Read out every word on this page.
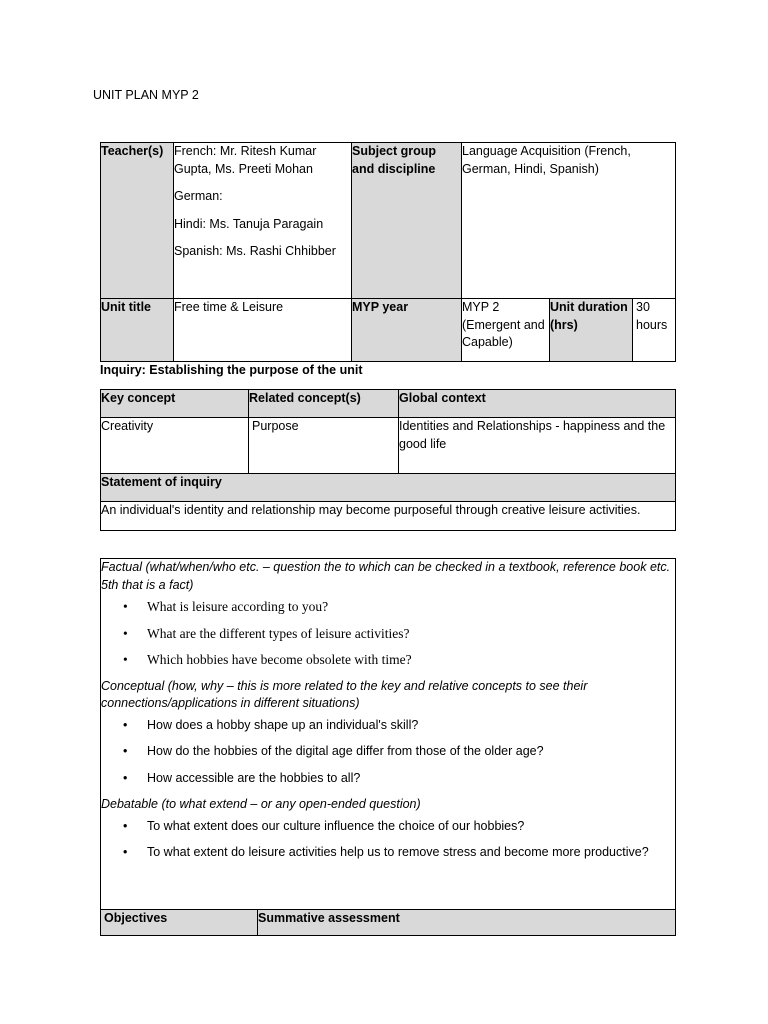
UNIT PLAN MYP 2
Teacher(s)	French: Mr. Ritesh Kumar Gupta, Ms. Preeti Mohan

German:

Hindi: Ms. Tanuja Paragain

Spanish: Ms. Rashi Chhibber	Subject group and discipline	Language Acquisition (French, German, Hindi, Spanish)		
Unit title	Free time & Leisure	MYP year	MYP 2 (Emergent and Capable)	Unit duration (hrs)	30 hours
Inquiry: Establishing the purpose of the unit
Key concept	Related concept(s)	Global context
Creativity	Purpose	Identities and Relationships - happiness and the good life
Statement of inquiry		
An individual's identity and relationship may become purposeful through creative leisure activities.		

Factual (what/when/who etc. – question the to which can be checked in a textbook, reference book etc. 5th that is a fact)

• What is leisure according to you?
• What are the different types of leisure activities?
• Which hobbies have become obsolete with time?

Conceptual (how, why – this is more related to the key and relative concepts to see their connections/applications in different situations)

• How does a hobby shape up an individual's skill?
• How do the hobbies of the digital age differ from those of the older age?
• How accessible are the hobbies to all?

Debatable (to what extend – or any open-ended question)

• To what extent does our culture influence the choice of our hobbies?
• To what extent do leisure activities help us to remove stress and become more productive?

Objectives	Summative assessment
